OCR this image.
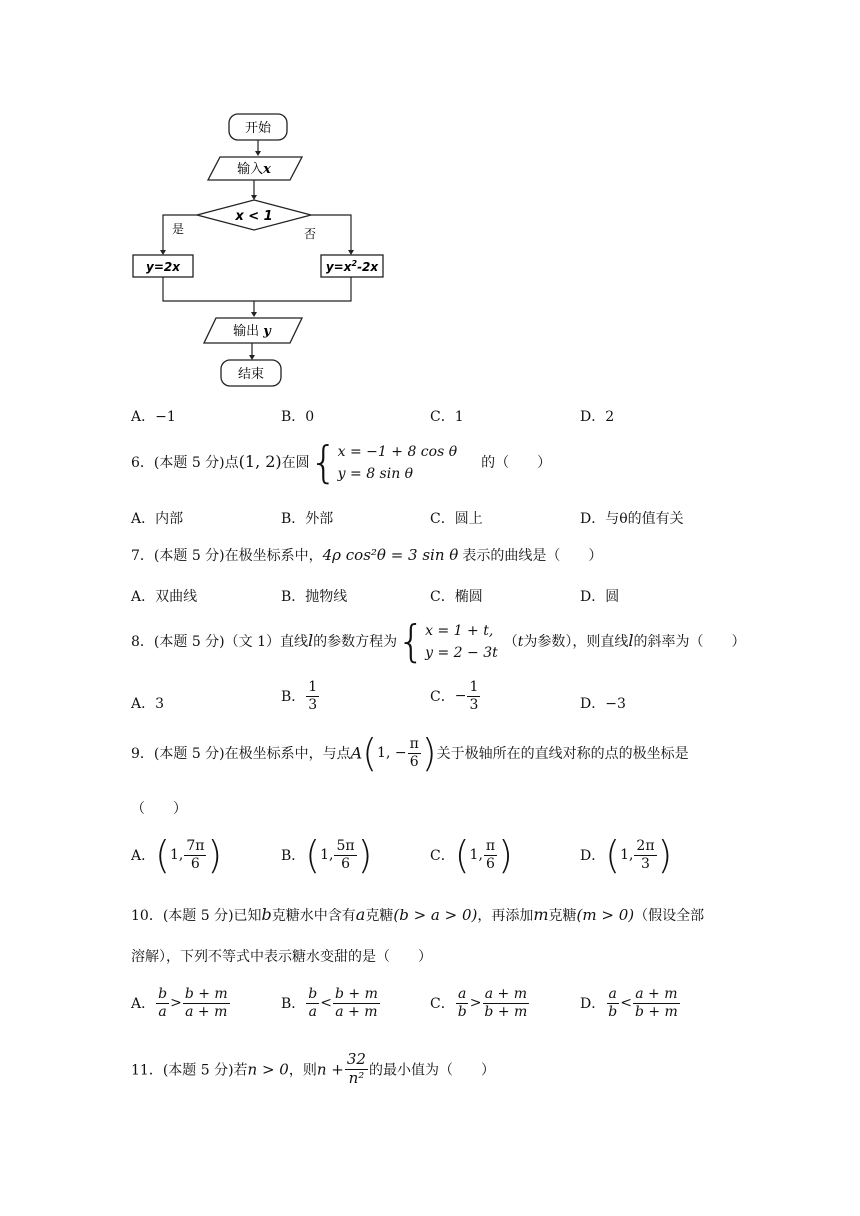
开始
输入x
x < 1
是	否
y=2x	$y=x^2-2x$
输出 y
结束
A．−1	B．0	C．1	D．2
6．(本题 5 分)点(1, 2)在圆{ x = −1 + 8 cos θ
y = 8 sin θ
的（　　）
A．内部	B．外部	C．圆上	D．与θ的值有关
7．(本题 5 分)在极坐标系中，4ρ cos²θ = 3 sin θ 表示的曲线是（　　）
A．双曲线	B．抛物线	C．椭圆	D．圆
8．(本题 5 分)（文 1）直线l的参数方程为{ x = 1 + t,
y = 2 − 3t
（t为参数），则直线l的斜率为（　　）
A．3	B． $\frac{1}{3}$	C．− $\frac{1}{3}$	D．−3
9．(本题 5 分)在极坐标系中，与点A(1, − $\frac{\pi}{6}$ )关于极轴所在的直线对称的点的极坐标是
（　　）
A．(1, $\frac{7\pi}{6}$ )	B．(1, $\frac{5\pi}{6}$ )	C．(1, $\frac{\pi}{6}$ )	D．(1, $\frac{2\pi}{3}$ )
10．(本题 5 分)已知b克糖水中含有a克糖(b > a > 0)，再添加m克糖(m > 0)（假设全部
溶解），下列不等式中表示糖水变甜的是（　　）
A． $\frac{b}{a} > \frac{b + m}{a + m}$	B． $\frac{b}{a} < \frac{b + m}{a + m}$	C． $\frac{a}{b} > \frac{a + m}{b + m}$	D． $\frac{a}{b} < \frac{a + m}{b + m}$
11．(本题 5 分)若n > 0，则$n + \frac{32}{\text{n²}}$ 的最小值为（　　）
